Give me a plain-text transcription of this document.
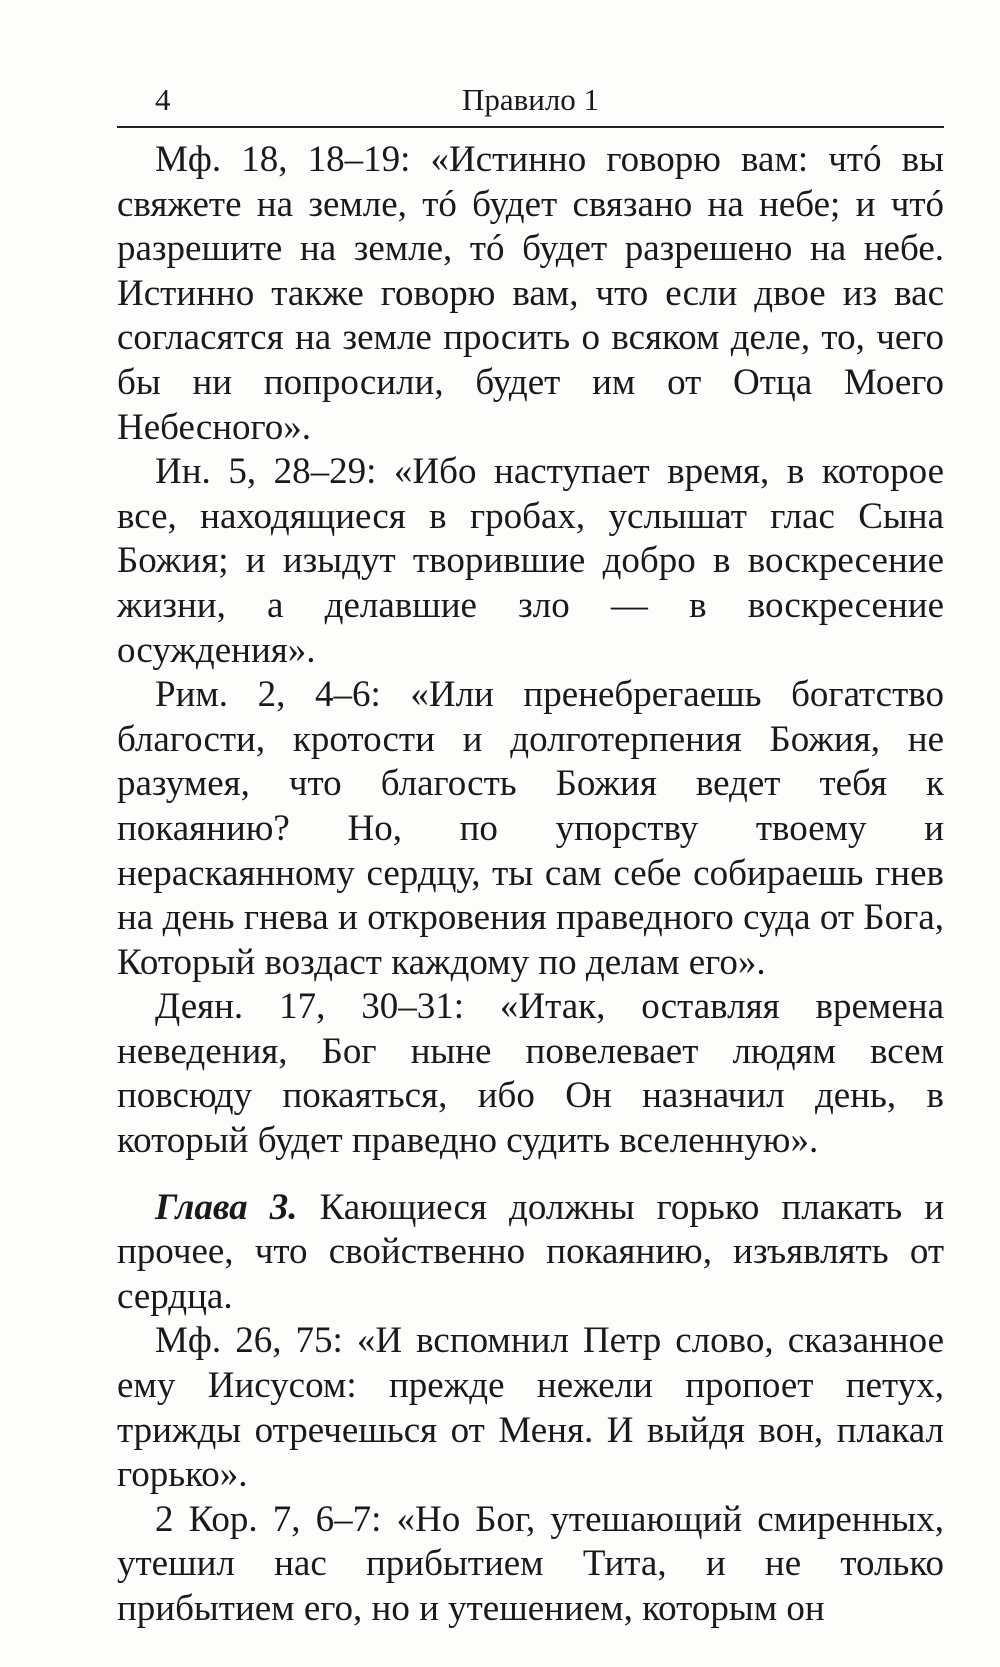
4	Правило 1

Мф. 18, 18–19: «Истинно говорю вам: чтó вы свяжете на земле, тó будет связано на небе; и чтó разрешите на земле, тó будет разрешено на небе. Истинно также говорю вам, что если двое из вас согласятся на земле просить о всяком деле, то, чего бы ни попросили, будет им от Отца Моего Небесного».

Ин. 5, 28–29: «Ибо наступает время, в которое все, находящиеся в гробах, услышат глас Сына Божия; и изыдут творившие добро в воскресение жизни, а делавшие зло — в воскресение осуждения».

Рим. 2, 4–6: «Или пренебрегаешь богатство благости, кротости и долготерпения Божия, не разумея, что благость Божия ведет тебя к покаянию? Но, по упорству твоему и нераскаянному сердцу, ты сам себе собираешь гнев на день гнева и откровения праведного суда от Бога, Который воздаст каждому по делам его».

Деян. 17, 30–31: «Итак, оставляя времена неведения, Бог ныне повелевает людям всем повсюду покаяться, ибо Он назначил день, в который будет праведно судить вселенную».

Глава 3. Кающиеся должны горько плакать и прочее, что свойственно покаянию, изъявлять от сердца.

Мф. 26, 75: «И вспомнил Петр слово, сказанное ему Иисусом: прежде нежели пропоет петух, трижды отречешься от Меня. И выйдя вон, плакал горько».

2 Кор. 7, 6–7: «Но Бог, утешающий смиренных, утешил нас прибытием Тита, и не только прибытием его, но и утешением, которым он
